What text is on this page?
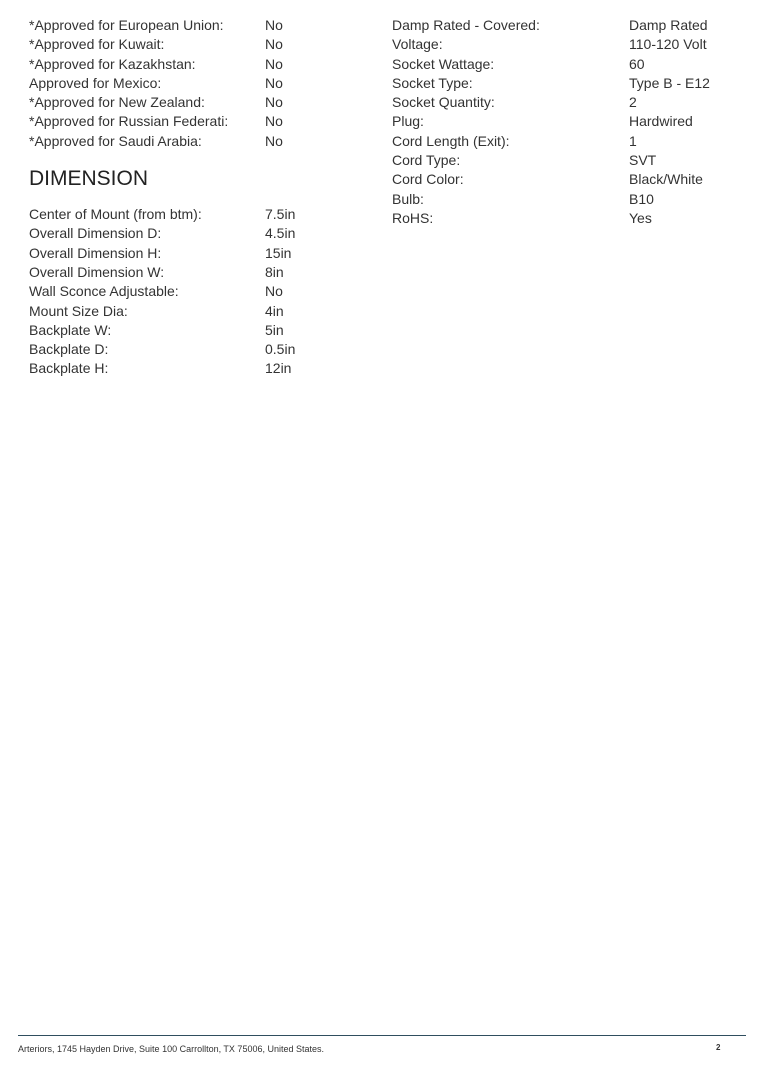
*Approved for European Union:	No
*Approved for Kuwait:	No
*Approved for Kazakhstan:	No
Approved for Mexico:	No
*Approved for New Zealand:	No
*Approved for Russian Federati:	No
*Approved for Saudi Arabia:	No
DIMENSION
Center of Mount (from btm):	7.5in
Overall Dimension D:	4.5in
Overall Dimension H:	15in
Overall Dimension W:	8in
Wall Sconce Adjustable:	No
Mount Size Dia:	4in
Backplate W:	5in
Backplate D:	0.5in
Backplate H:	12in
Damp Rated - Covered:	Damp Rated
Voltage:	110-120 Volt
Socket Wattage:	60
Socket Type:	Type B - E12
Socket Quantity:	2
Plug:	Hardwired
Cord Length (Exit):	1
Cord Type:	SVT
Cord Color:	Black/White
Bulb:	B10
RoHS:	Yes
Arteriors, 1745 Hayden Drive, Suite 100 Carrollton, TX 75006, United States.	2
